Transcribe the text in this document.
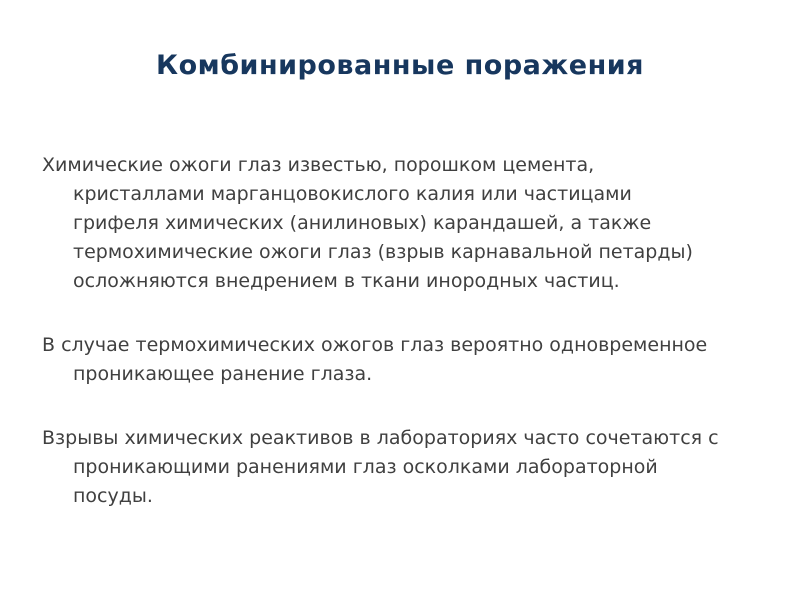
Комбинированные поражения

Химические ожоги глаз известью, порошком цемента, кристаллами марганцовокислого калия или частицами грифеля химических (анилиновых) карандашей, а также термохимические ожоги глаз (взрыв карнавальной петарды) осложняются внедрением в ткани инородных частиц.

В случае термохимических ожогов глаз вероятно одновременное проникающее ранение глаза.

Взрывы химических реактивов в лабораториях часто сочетаются с проникающими ранениями глаз осколками лабораторной посуды.
